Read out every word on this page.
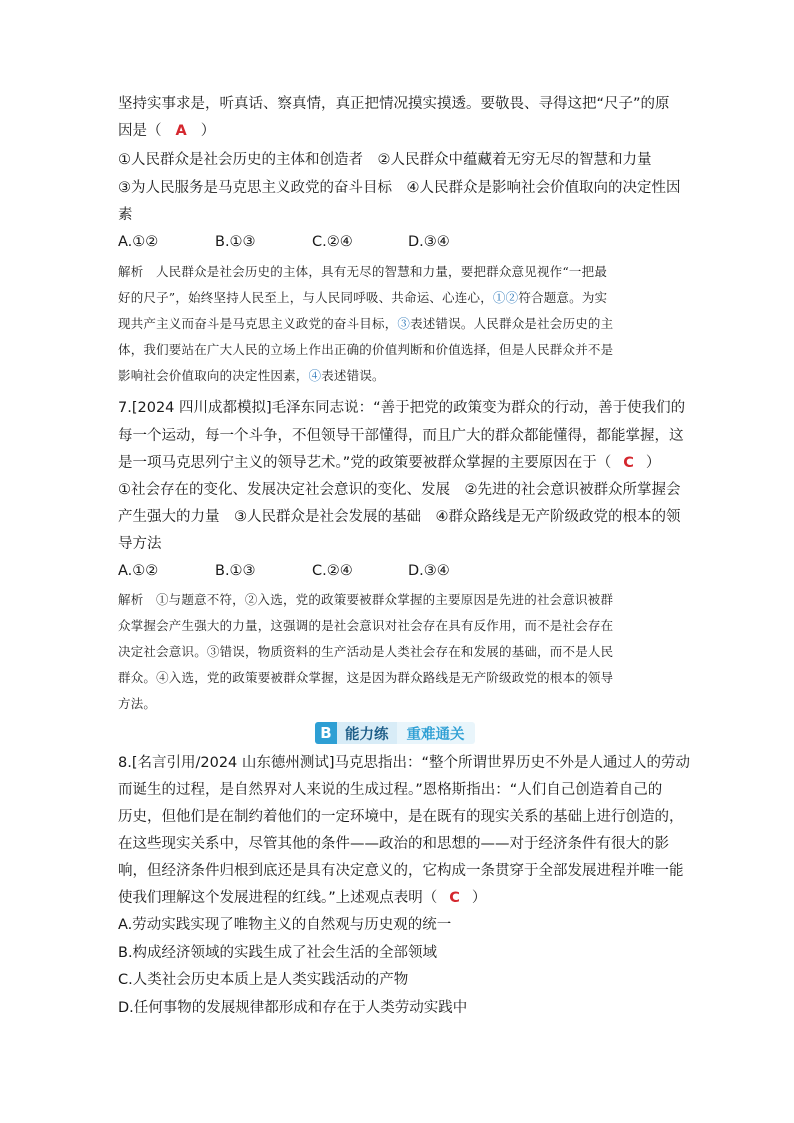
坚持实事求是，听真话、察真情，真正把情况摸实摸透。要敬畏、寻得这把“尺子”的原
因是（ A ）
①人民群众是社会历史的主体和创造者　②人民群众中蕴藏着无穷无尽的智慧和力量
③为人民服务是马克思主义政党的奋斗目标　④人民群众是影响社会价值取向的决定性因
素
A.①②	B.①③	C.②④	D.③④
解析 人民群众是社会历史的主体，具有无尽的智慧和力量，要把群众意见视作“一把最
好的尺子”，始终坚持人民至上，与人民同呼吸、共命运、心连心，①②符合题意。为实
现共产主义而奋斗是马克思主义政党的奋斗目标，③表述错误。人民群众是社会历史的主
体，我们要站在广大人民的立场上作出正确的价值判断和价值选择，但是人民群众并不是
影响社会价值取向的决定性因素，④表述错误。
7.[2024 四川成都模拟]毛泽东同志说：“善于把党的政策变为群众的行动，善于使我们的
每一个运动，每一个斗争，不但领导干部懂得，而且广大的群众都能懂得，都能掌握，这
是一项马克思列宁主义的领导艺术。”党的政策要被群众掌握的主要原因在于（ C ）
①社会存在的变化、发展决定社会意识的变化、发展　②先进的社会意识被群众所掌握会
产生强大的力量　③人民群众是社会发展的基础　④群众路线是无产阶级政党的根本的领
导方法
A.①②	B.①③	C.②④	D.③④
解析 ①与题意不符，②入选，党的政策要被群众掌握的主要原因是先进的社会意识被群
众掌握会产生强大的力量，这强调的是社会意识对社会存在具有反作用，而不是社会存在
决定社会意识。③错误，物质资料的生产活动是人类社会存在和发展的基础，而不是人民
群众。④入选，党的政策要被群众掌握，这是因为群众路线是无产阶级政党的根本的领导
方法。
B 能力练	重难通关
8.[名言引用/2024 山东德州测试]马克思指出：“整个所谓世界历史不外是人通过人的劳动
而诞生的过程，是自然界对人来说的生成过程。”恩格斯指出：“人们自己创造着自己的
历史，但他们是在制约着他们的一定环境中，是在既有的现实关系的基础上进行创造的，
在这些现实关系中，尽管其他的条件——政治的和思想的——对于经济条件有很大的影
响，但经济条件归根到底还是具有决定意义的，它构成一条贯穿于全部发展进程并唯一能
使我们理解这个发展进程的红线。”上述观点表明（ C ）
A.劳动实践实现了唯物主义的自然观与历史观的统一
B.构成经济领域的实践生成了社会生活的全部领域
C.人类社会历史本质上是人类实践活动的产物
D.任何事物的发展规律都形成和存在于人类劳动实践中
